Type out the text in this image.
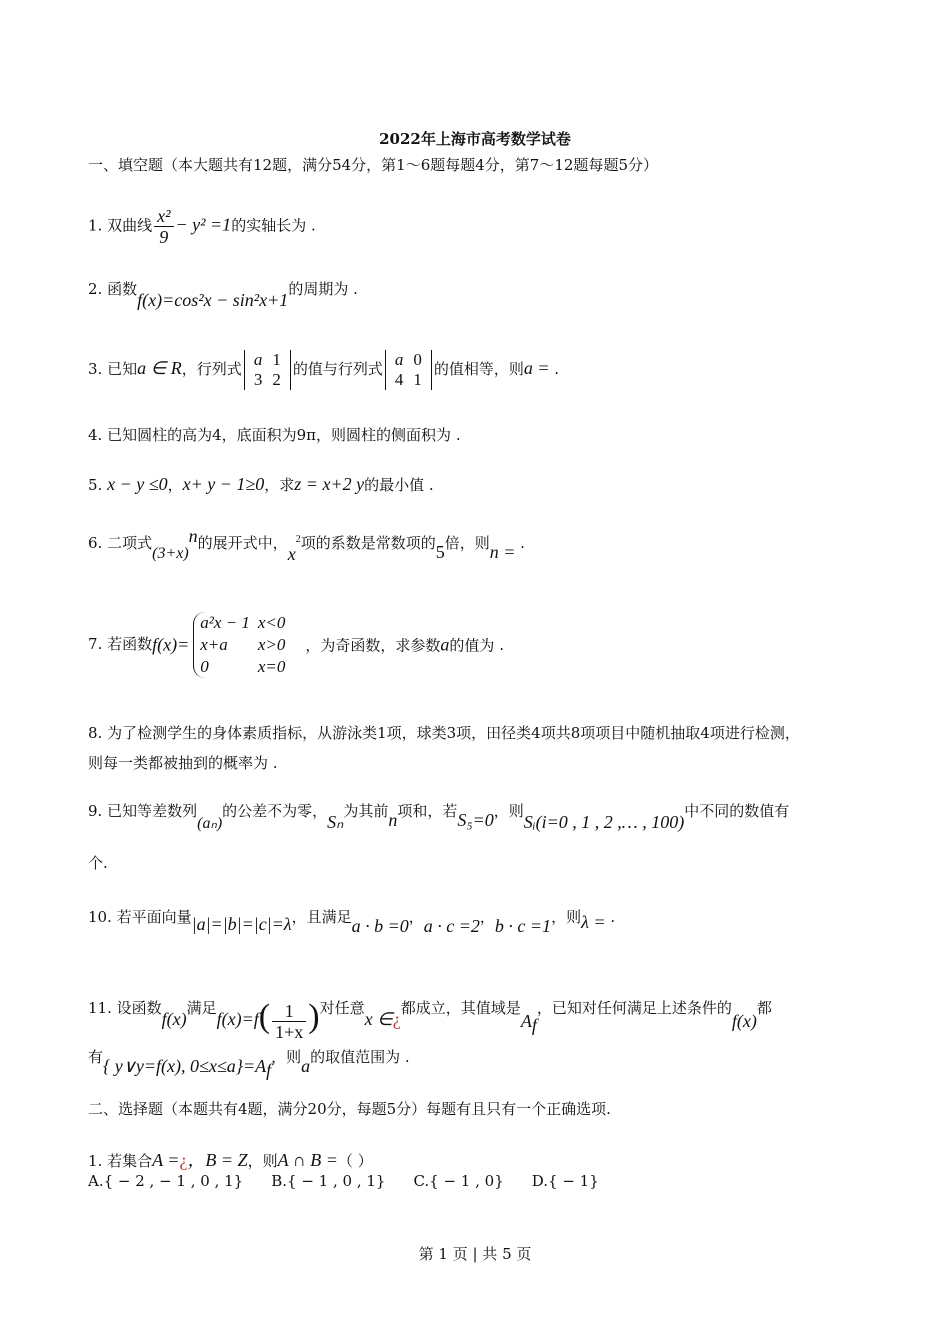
2022年上海市高考数学试卷
一、填空题（本大题共有12题，满分54分，第1～6题每题4分，第7～12题每题5分）
1. 双曲线 $\frac{\text{x²}}{9} - y^2 =1$的实轴长为 .
2. 函数f(x)=cos²x − sin²x+1的周期为 .
3. 已知a ∈ R，行列式 a	1
3	2
的值与行列式 a	0
4	1
的值相等，则a = .
4. 已知圆柱的高为4，底面积为9π，则圆柱的侧面积为 .
5. x − y ≤0，x+ y − 1≥0，求z = x+2 y的最小值 .
6. 二项式$(3+x)^n$的展开式中，$x^2$项的系数是常数项的5倍，则n = .
7. 若函数f(x)=
a²x − 1	x<0
x+a	x>0
0	x=0
，为奇函数，求参数a的值为 .
8. 为了检测学生的身体素质指标，从游泳类1项，球类3项，田径类4项共8项项目中随机抽取4项进行检测，
则每一类都被抽到的概率为 .
9. 已知等差数列(aₙ)的公差不为零，Sₙ为其前n项和，若S₅=0，则Sᵢ(i=0 , 1 , 2 ,… , 100)中不同的数值有
个.
10. 若平面向量|a|=|b|=|c|=λ，且满足a · b =0，a · c =2，b · c =1，则λ = .
11. 设函数f(x)满足$f(x)=f( \frac{1}{1+x}$ )对任意x ∈¿都成立，其值域是$A_f$，已知对任何满足上述条件的f(x)都
有{ y∨y=f(x), $0\le x\le a\}=A_f$，则a的取值范围为 .
二、选择题（本题共有4题，满分20分，每题5分）每题有且只有一个正确选项.
1. 若集合A =¿，B = Z，则A ∩ B =（ ）
A.{ − 2 , − 1 , 0 , 1} B.{ − 1 , 0 , 1} C.{ − 1 , 0} D.{ − 1}
第 1 页 | 共 5 页
